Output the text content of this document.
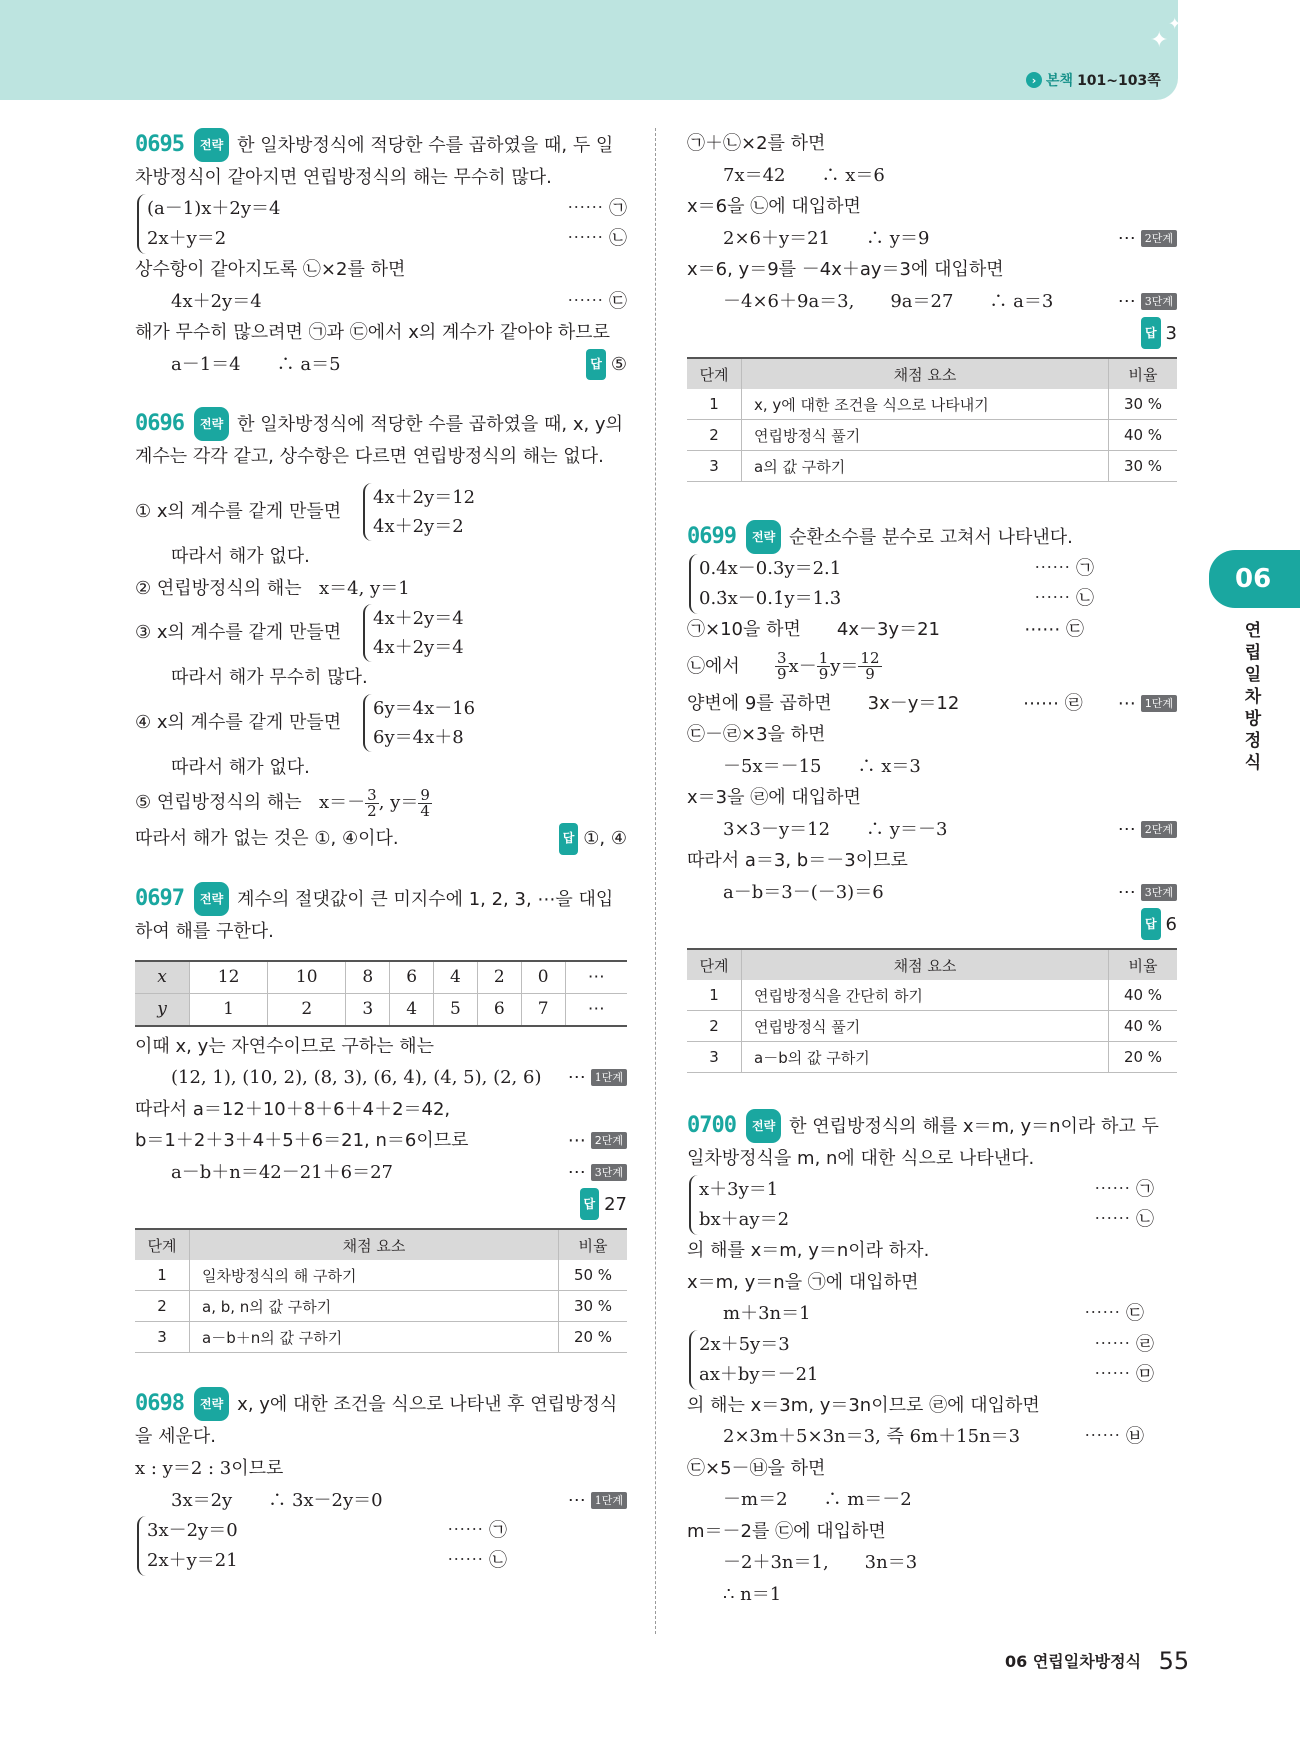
✦
✦
› 본책 101~103쪽
0695 전략 한 일차방정식에 적당한 수를 곱하였을 때, 두 일차방정식이 같아지면 연립방정식의 해는 무수히 많다.
(a－1)x＋2y＝4	⋯⋯ ㉠
2x＋y＝2	⋯⋯ ㉡
상수항이 같아지도록 ㉡×2를 하면
4x＋2y＝4	⋯⋯ ㉢
해가 무수히 많으려면 ㉠과 ㉢에서 x의 계수가 같아야 하므로
a－1＝4　　∴ a＝5	답 ⑤
0696 전략 한 일차방정식에 적당한 수를 곱하였을 때, x, y의 계수는 각각 같고, 상수항은 다르면 연립방정식의 해는 없다.
① x의 계수를 같게 만들면
4x＋2y＝12
4x＋2y＝2
따라서 해가 없다.
② 연립방정식의 해는 x＝4, y＝1
③ x의 계수를 같게 만들면
4x＋2y＝4
4x＋2y＝4
따라서 해가 무수히 많다.
④ x의 계수를 같게 만들면
6y＝4x－16
6y＝4x＋8
따라서 해가 없다.
⑤ 연립방정식의 해는 $x=- \frac{3}{2}$ , $y= \frac{9}{4}$
따라서 해가 없는 것은 ①, ④이다.	답 ①, ④
0697 전략 계수의 절댓값이 큰 미지수에 1, 2, 3, ⋯을 대입하여 해를 구한다.
x	12	10	8	6	4	2	0	⋯
y	1	2	3	4	5	6	7	⋯
이때 x, y는 자연수이므로 구하는 해는
(12, 1), (10, 2), (8, 3), (6, 4), (4, 5), (2, 6) ⋯ 1단계
따라서 a＝12＋10＋8＋6＋4＋2＝42,
b＝1＋2＋3＋4＋5＋6＝21, n＝6이므로	⋯ 2단계
a－b＋n＝42－21＋6＝27	⋯ 3단계
답 27
단계	채점 요소	비율
1	일차방정식의 해 구하기	50 %
2	a, b, n의 값 구하기	30 %
3	a－b＋n의 값 구하기	20 %
0698 전략 x, y에 대한 조건을 식으로 나타낸 후 연립방정식을 세운다.
x : y＝2 : 3이므로
3x＝2y　　∴ 3x－2y＝0	⋯ 1단계
3x－2y＝0	⋯⋯ ㉠
2x＋y＝21	⋯⋯ ㉡
㉠＋㉡×2를 하면
7x＝42　　∴ x＝6
x＝6을 ㉡에 대입하면
2×6＋y＝21　　∴ y＝9	⋯ 2단계
x＝6, y＝9를 －4x＋ay＝3에 대입하면
－4×6＋9a＝3,　　9a＝27　　∴ a＝3	⋯ 3단계
답 3
단계	채점 요소	비율
1	x, y에 대한 조건을 식으로 나타내기	30 %
2	연립방정식 풀기	40 %
3	a의 값 구하기	30 %
0699 전략 순환소수를 분수로 고쳐서 나타낸다.
0.4x－0.3y＝2.1	⋯⋯ ㉠
0.3̇x－0.1̇y＝1.3̇	⋯⋯ ㉡
㉠×10을 하면　　4x－3y＝21	⋯⋯ ㉢
㉡에서 $\frac{3}{9} x- \frac{1}{9} y= \frac{12}{9}$
양변에 9를 곱하면　　3x－y＝12	⋯⋯ ㉣ ⋯ 1단계
㉢－㉣×3을 하면
－5x＝－15　　∴ x＝3
x＝3을 ㉣에 대입하면
3×3－y＝12　　∴ y＝－3	⋯ 2단계
따라서 a＝3, b＝－3이므로
a－b＝3－(－3)＝6	⋯ 3단계
답 6
단계	채점 요소	비율
1	연립방정식을 간단히 하기	40 %
2	연립방정식 풀기	40 %
3	a－b의 값 구하기	20 %
0700 전략 한 연립방정식의 해를 x＝m, y＝n이라 하고 두 일차방정식을 m, n에 대한 식으로 나타낸다.
x＋3y＝1	⋯⋯ ㉠
bx＋ay＝2	⋯⋯ ㉡
의 해를 x＝m, y＝n이라 하자.
x＝m, y＝n을 ㉠에 대입하면
m＋3n＝1	⋯⋯ ㉢
2x＋5y＝3	⋯⋯ ㉣
ax＋by＝－21	⋯⋯ ㉤
의 해는 x＝3m, y＝3n이므로 ㉣에 대입하면
2×3m＋5×3n＝3, 즉 6m＋15n＝3	⋯⋯ ㉥
㉢×5－㉥을 하면
－m＝2　　∴ m＝－2
m＝－2를 ㉢에 대입하면
－2＋3n＝1,　　3n＝3
∴ n＝1
06
연립일차방정식
06 연립일차방정식 55
